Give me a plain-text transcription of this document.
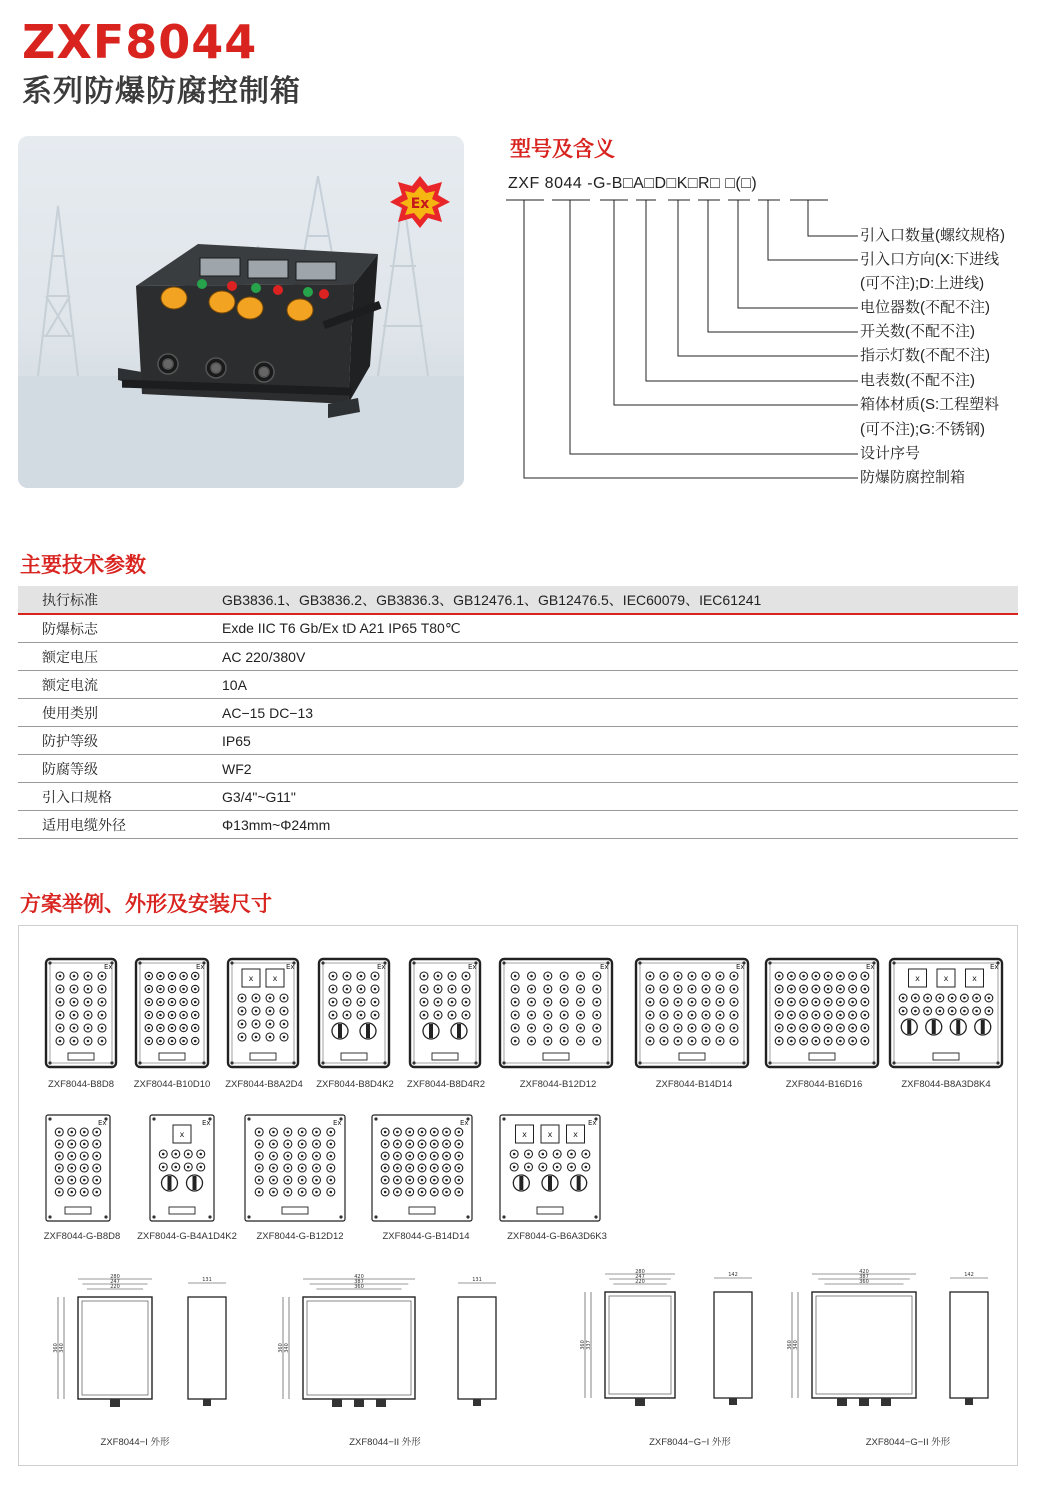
ZXF8044
系列防爆防腐控制箱
Ex
型号及含义
ZXF 8044 -G-B□A□D□K□R□ □(□)
引入口数量(螺纹规格)
引入口方向(X:下进线
(可不注);D:上进线)
电位器数(不配不注)
开关数(不配不注)
指示灯数(不配不注)
电表数(不配不注)
箱体材质(S:工程塑料
(可不注);G:不锈钢)
设计序号
防爆防腐控制箱
主要技术参数
执行标准	GB3836.1、GB3836.2、GB3836.3、GB12476.1、GB12476.5、IEC60079、IEC61241
防爆标志	Exde IIC T6 Gb/Ex tD A21 IP65 T80℃
额定电压	AC 220/380V
额定电流	10A
使用类别	AC−15 DC−13
防护等级	IP65
防腐等级	WF2
引入口规格	G3/4"~G11"
适用电缆外径	Φ13mm~Φ24mm
方案举例、外形及安装尺寸
Ex	Ex	Ex
x x
Ex	Ex	Ex	Ex	Ex	Ex
x	x	x
Ex	Ex
x
Ex	Ex	Ex
x	x	x
280
247
220
360 340
131	420
387
360
360 340
131
280
247
220
360 337
142	420
387
360
360 340
142
ZXF8044-B8D8	ZXF8044-B10D10	ZXF8044-B8A2D4	ZXF8044-B8D4K2	ZXF8044-B8D4R2	ZXF8044-B12D12	ZXF8044-B14D14	ZXF8044-B16D16	ZXF8044-B8A3D8K4
ZXF8044-G-B8D8	ZXF8044-G-B4A1D4K2	ZXF8044-G-B12D12	ZXF8044-G-B14D14	ZXF8044-G-B6A3D6K3
ZXF8044−I 外形	ZXF8044−II 外形	ZXF8044−G−I 外形	ZXF8044−G−II 外形
